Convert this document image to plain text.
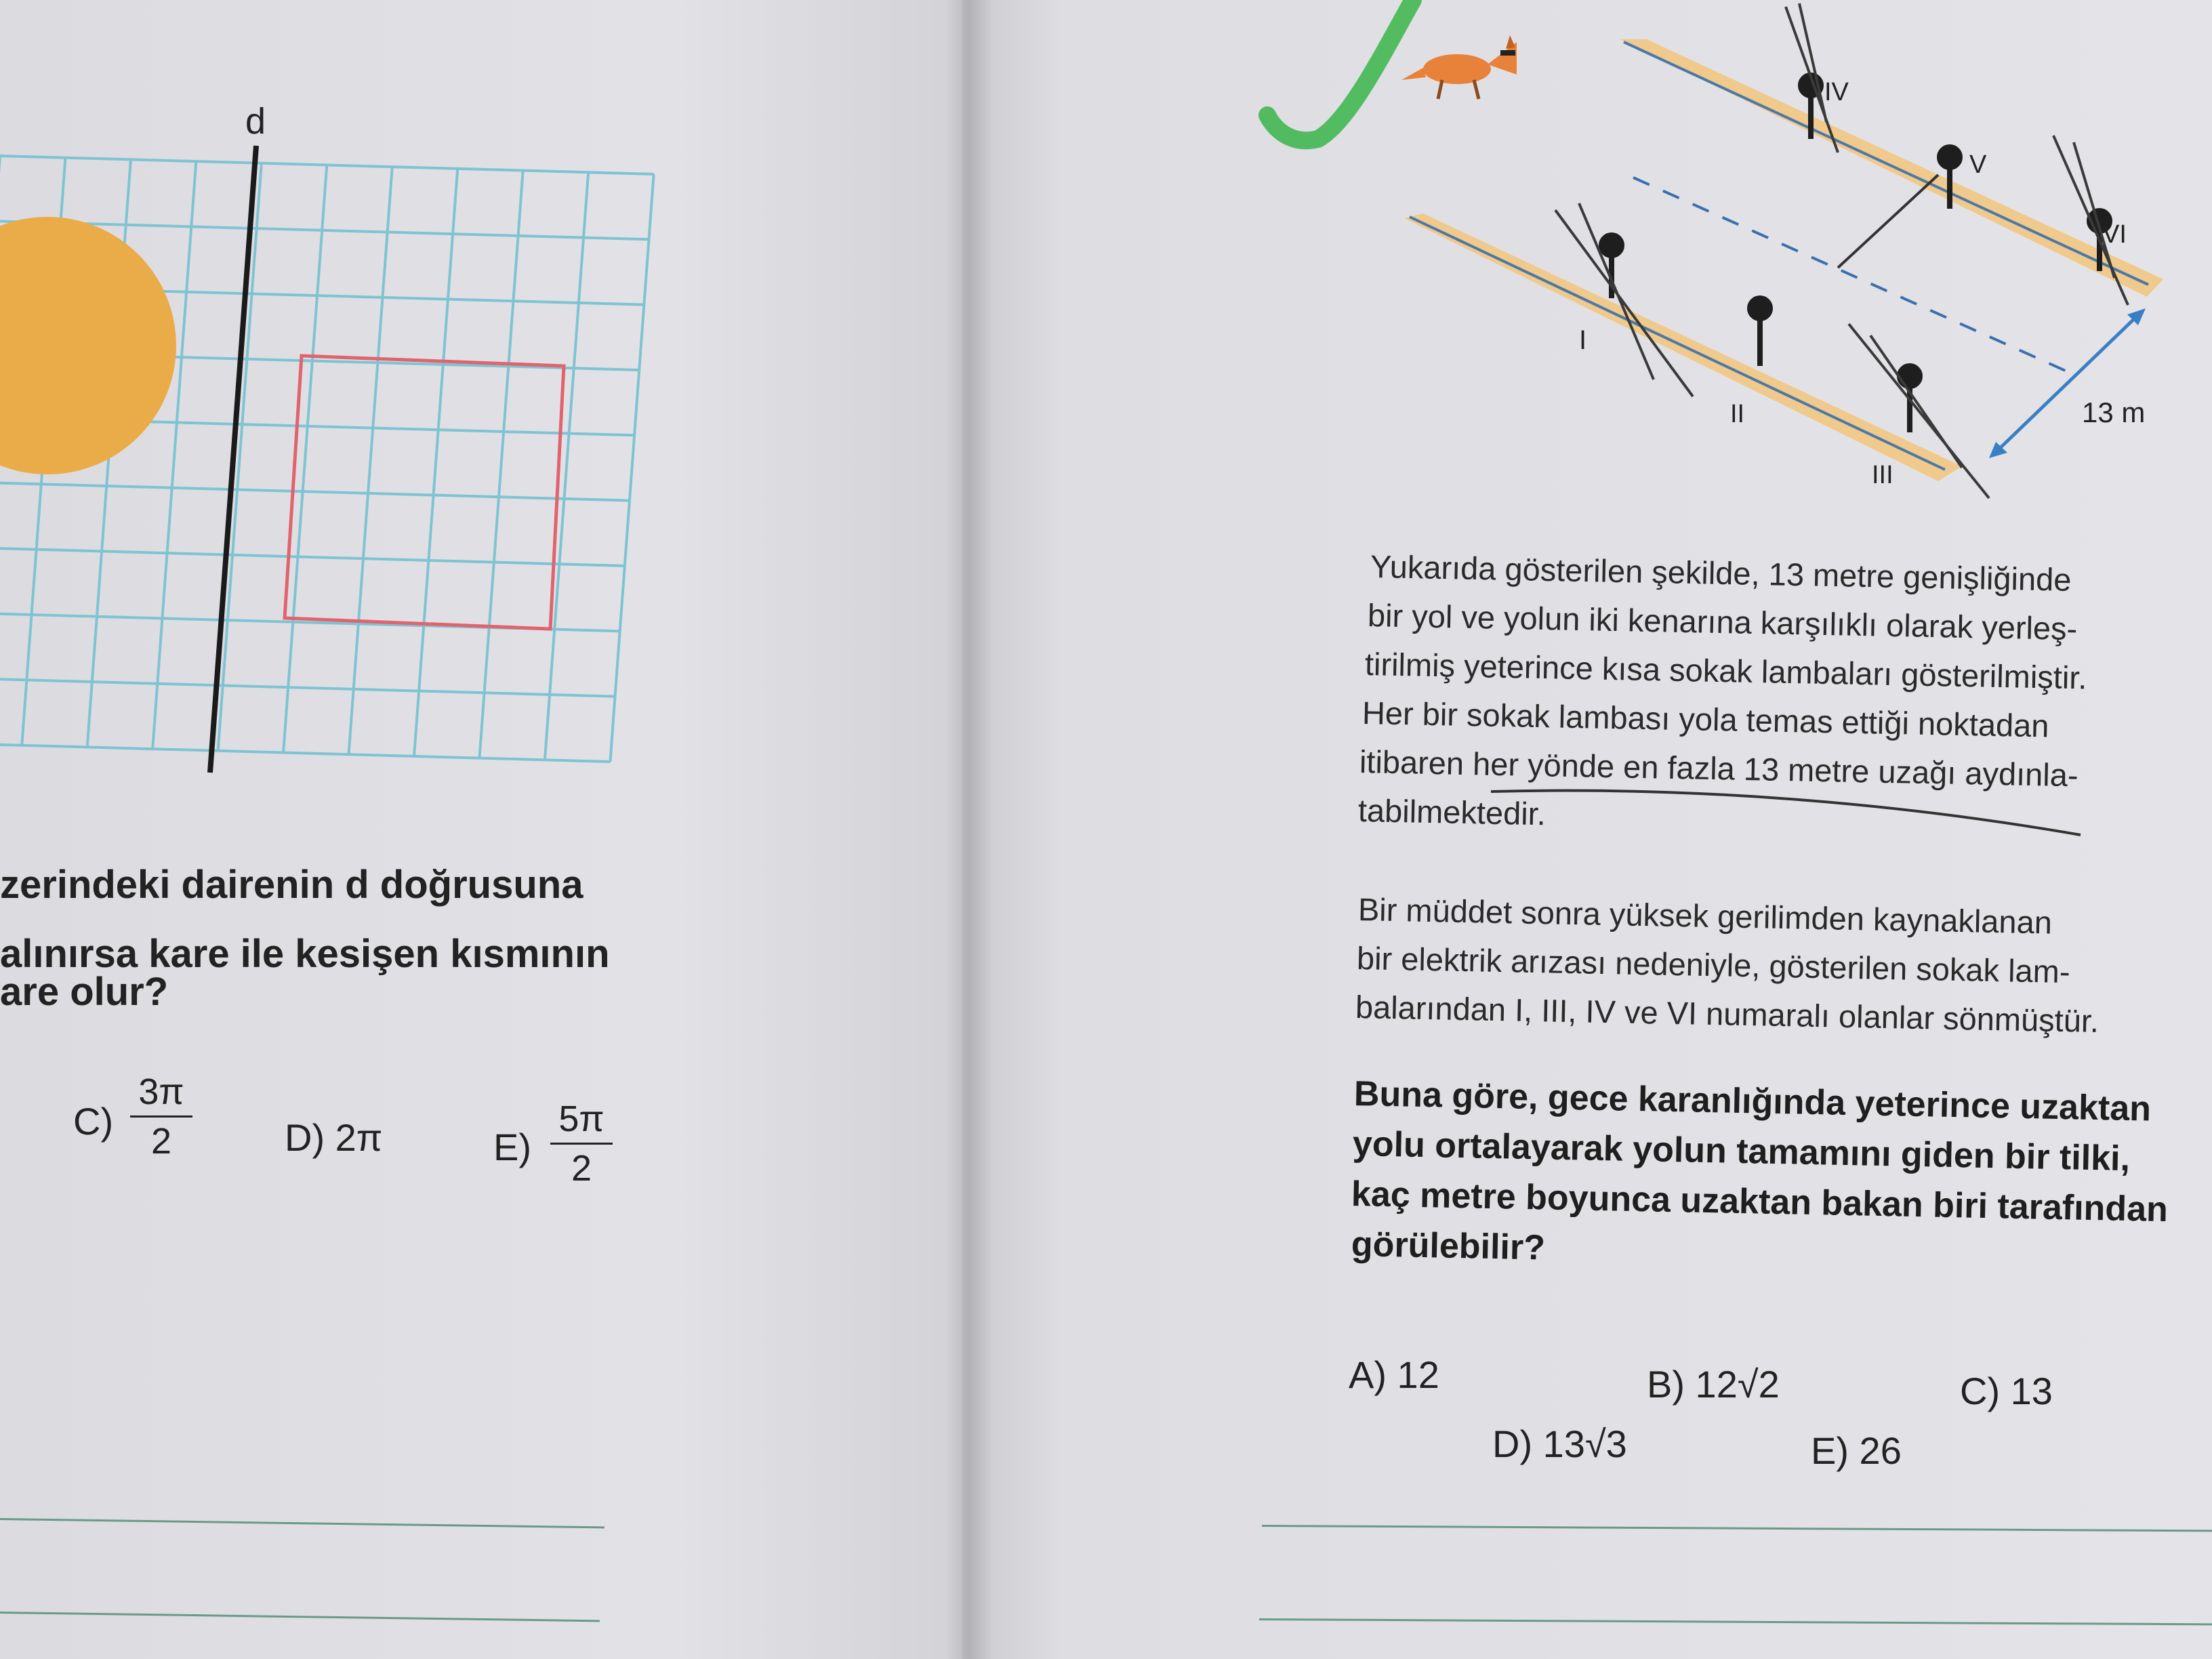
d
zerindeki dairenin d doğrusuna
alınırsa kare ile kesişen kısmının
are olur?
C)
3π
2	D) 2π	E)
5π
2
I
II
III
IV
V
VI
13 m
Yukarıda gösterilen şekilde, 13 metre genişliğinde
bir yol ve yolun iki kenarına karşılıklı olarak yerleş-
tirilmiş yeterince kısa sokak lambaları gösterilmiştir.
Her bir sokak lambası yola temas ettiği noktadan
itibaren her yönde en fazla 13 metre uzağı aydınla-
tabilmektedir.
Bir müddet sonra yüksek gerilimden kaynaklanan
bir elektrik arızası nedeniyle, gösterilen sokak lam-
balarından I, III, IV ve VI numaralı olanlar sönmüştür.
Buna göre, gece karanlığında yeterince uzaktan
yolu ortalayarak yolun tamamını giden bir tilki,
kaç metre boyunca uzaktan bakan biri tarafından
görülebilir?
A) 12	B) 12√2	C) 13
D) 13√3	E) 26
